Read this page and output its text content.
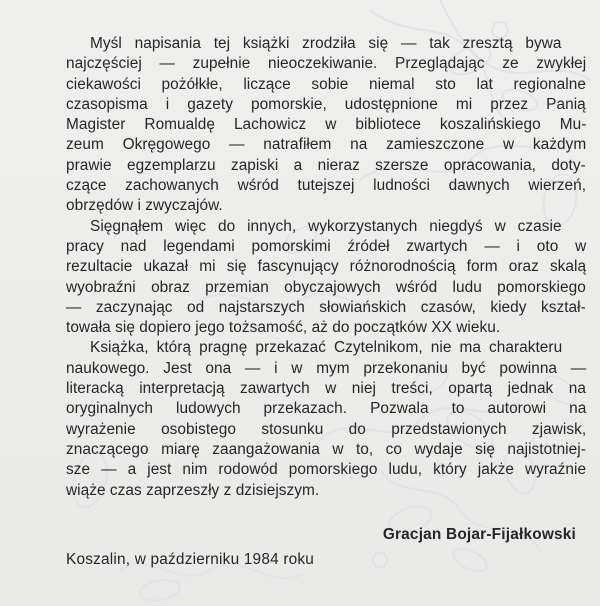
Myśl napisania tej książki zrodziła się — tak zresztą bywa
najczęściej — zupełnie nieoczekiwanie. Przeglądając ze zwykłej
ciekawości pożółkłe, liczące sobie niemal sto lat regionalne
czasopisma i gazety pomorskie, udostępnione mi przez Panią
Magister Romualdę Lachowicz w bibliotece koszalińskiego Mu-
zeum Okręgowego — natrafiłem na zamieszczone w każdym
prawie egzemplarzu zapiski a nieraz szersze opracowania, doty-
czące zachowanych wśród tutejszej ludności dawnych wierzeń,
obrzędów i zwyczajów.

Sięgnąłem więc do innych, wykorzystanych niegdyś w czasie
pracy nad legendami pomorskimi źródeł zwartych — i oto w
rezultacie ukazał mi się fascynujący różnorodnością form oraz skalą
wyobraźni obraz przemian obyczajowych wśród ludu pomorskiego
— zaczynając od najstarszych słowiańskich czasów, kiedy kształ-
towała się dopiero jego tożsamość, aż do początków XX wieku.

Książka, którą pragnę przekazać Czytelnikom, nie ma charakteru
naukowego. Jest ona — i w mym przekonaniu być powinna —
literacką interpretacją zawartych w niej treści, opartą jednak na
oryginalnych ludowych przekazach. Pozwala to autorowi na
wyrażenie osobistego stosunku do przedstawionych zjawisk,
znaczącego miarę zaangażowania w to, co wydaje się najistotniej-
sze — a jest nim rodowód pomorskiego ludu, który jakże wyraźnie
wiąże czas zaprzeszły z dzisiejszym.

Gracjan Bojar-Fijałkowski
Koszalin, w październiku 1984 roku
